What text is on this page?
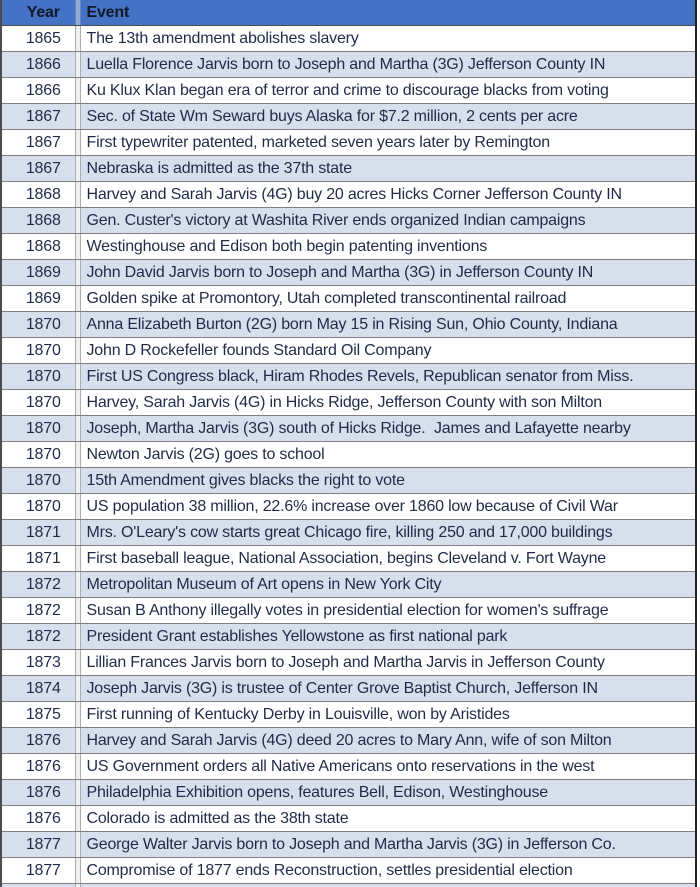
Year		Event
1865		The 13th amendment abolishes slavery
1866		Luella Florence Jarvis born to Joseph and Martha (3G) Jefferson County IN
1866		Ku Klux Klan began era of terror and crime to discourage blacks from voting
1867		Sec. of State Wm Seward buys Alaska for $7.2 million, 2 cents per acre
1867		First typewriter patented, marketed seven years later by Remington
1867		Nebraska is admitted as the 37th state
1868		Harvey and Sarah Jarvis (4G) buy 20 acres Hicks Corner Jefferson County IN
1868		Gen. Custer's victory at Washita River ends organized Indian campaigns
1868		Westinghouse and Edison both begin patenting inventions
1869		John David Jarvis born to Joseph and Martha (3G) in Jefferson County IN
1869		Golden spike at Promontory, Utah completed transcontinental railroad
1870		Anna Elizabeth Burton (2G) born May 15 in Rising Sun, Ohio County, Indiana
1870		John D Rockefeller founds Standard Oil Company
1870		First US Congress black, Hiram Rhodes Revels, Republican senator from Miss.
1870		Harvey, Sarah Jarvis (4G) in Hicks Ridge, Jefferson County with son Milton
1870		Joseph, Martha Jarvis (3G) south of Hicks Ridge.  James and Lafayette nearby
1870		Newton Jarvis (2G) goes to school
1870		15th Amendment gives blacks the right to vote
1870		US population 38 million, 22.6% increase over 1860 low because of Civil War
1871		Mrs. O'Leary's cow starts great Chicago fire, killing 250 and 17,000 buildings
1871		First baseball league, National Association, begins Cleveland v. Fort Wayne
1872		Metropolitan Museum of Art opens in New York City
1872		Susan B Anthony illegally votes in presidential election for women's suffrage
1872		President Grant establishes Yellowstone as first national park
1873		Lillian Frances Jarvis born to Joseph and Martha Jarvis in Jefferson County
1874		Joseph Jarvis (3G) is trustee of Center Grove Baptist Church, Jefferson IN
1875		First running of Kentucky Derby in Louisville, won by Aristides
1876		Harvey and Sarah Jarvis (4G) deed 20 acres to Mary Ann, wife of son Milton
1876		US Government orders all Native Americans onto reservations in the west
1876		Philadelphia Exhibition opens, features Bell, Edison, Westinghouse
1876		Colorado is admitted as the 38th state
1877		George Walter Jarvis born to Joseph and Martha Jarvis (3G) in Jefferson Co.
1877		Compromise of 1877 ends Reconstruction, settles presidential election
